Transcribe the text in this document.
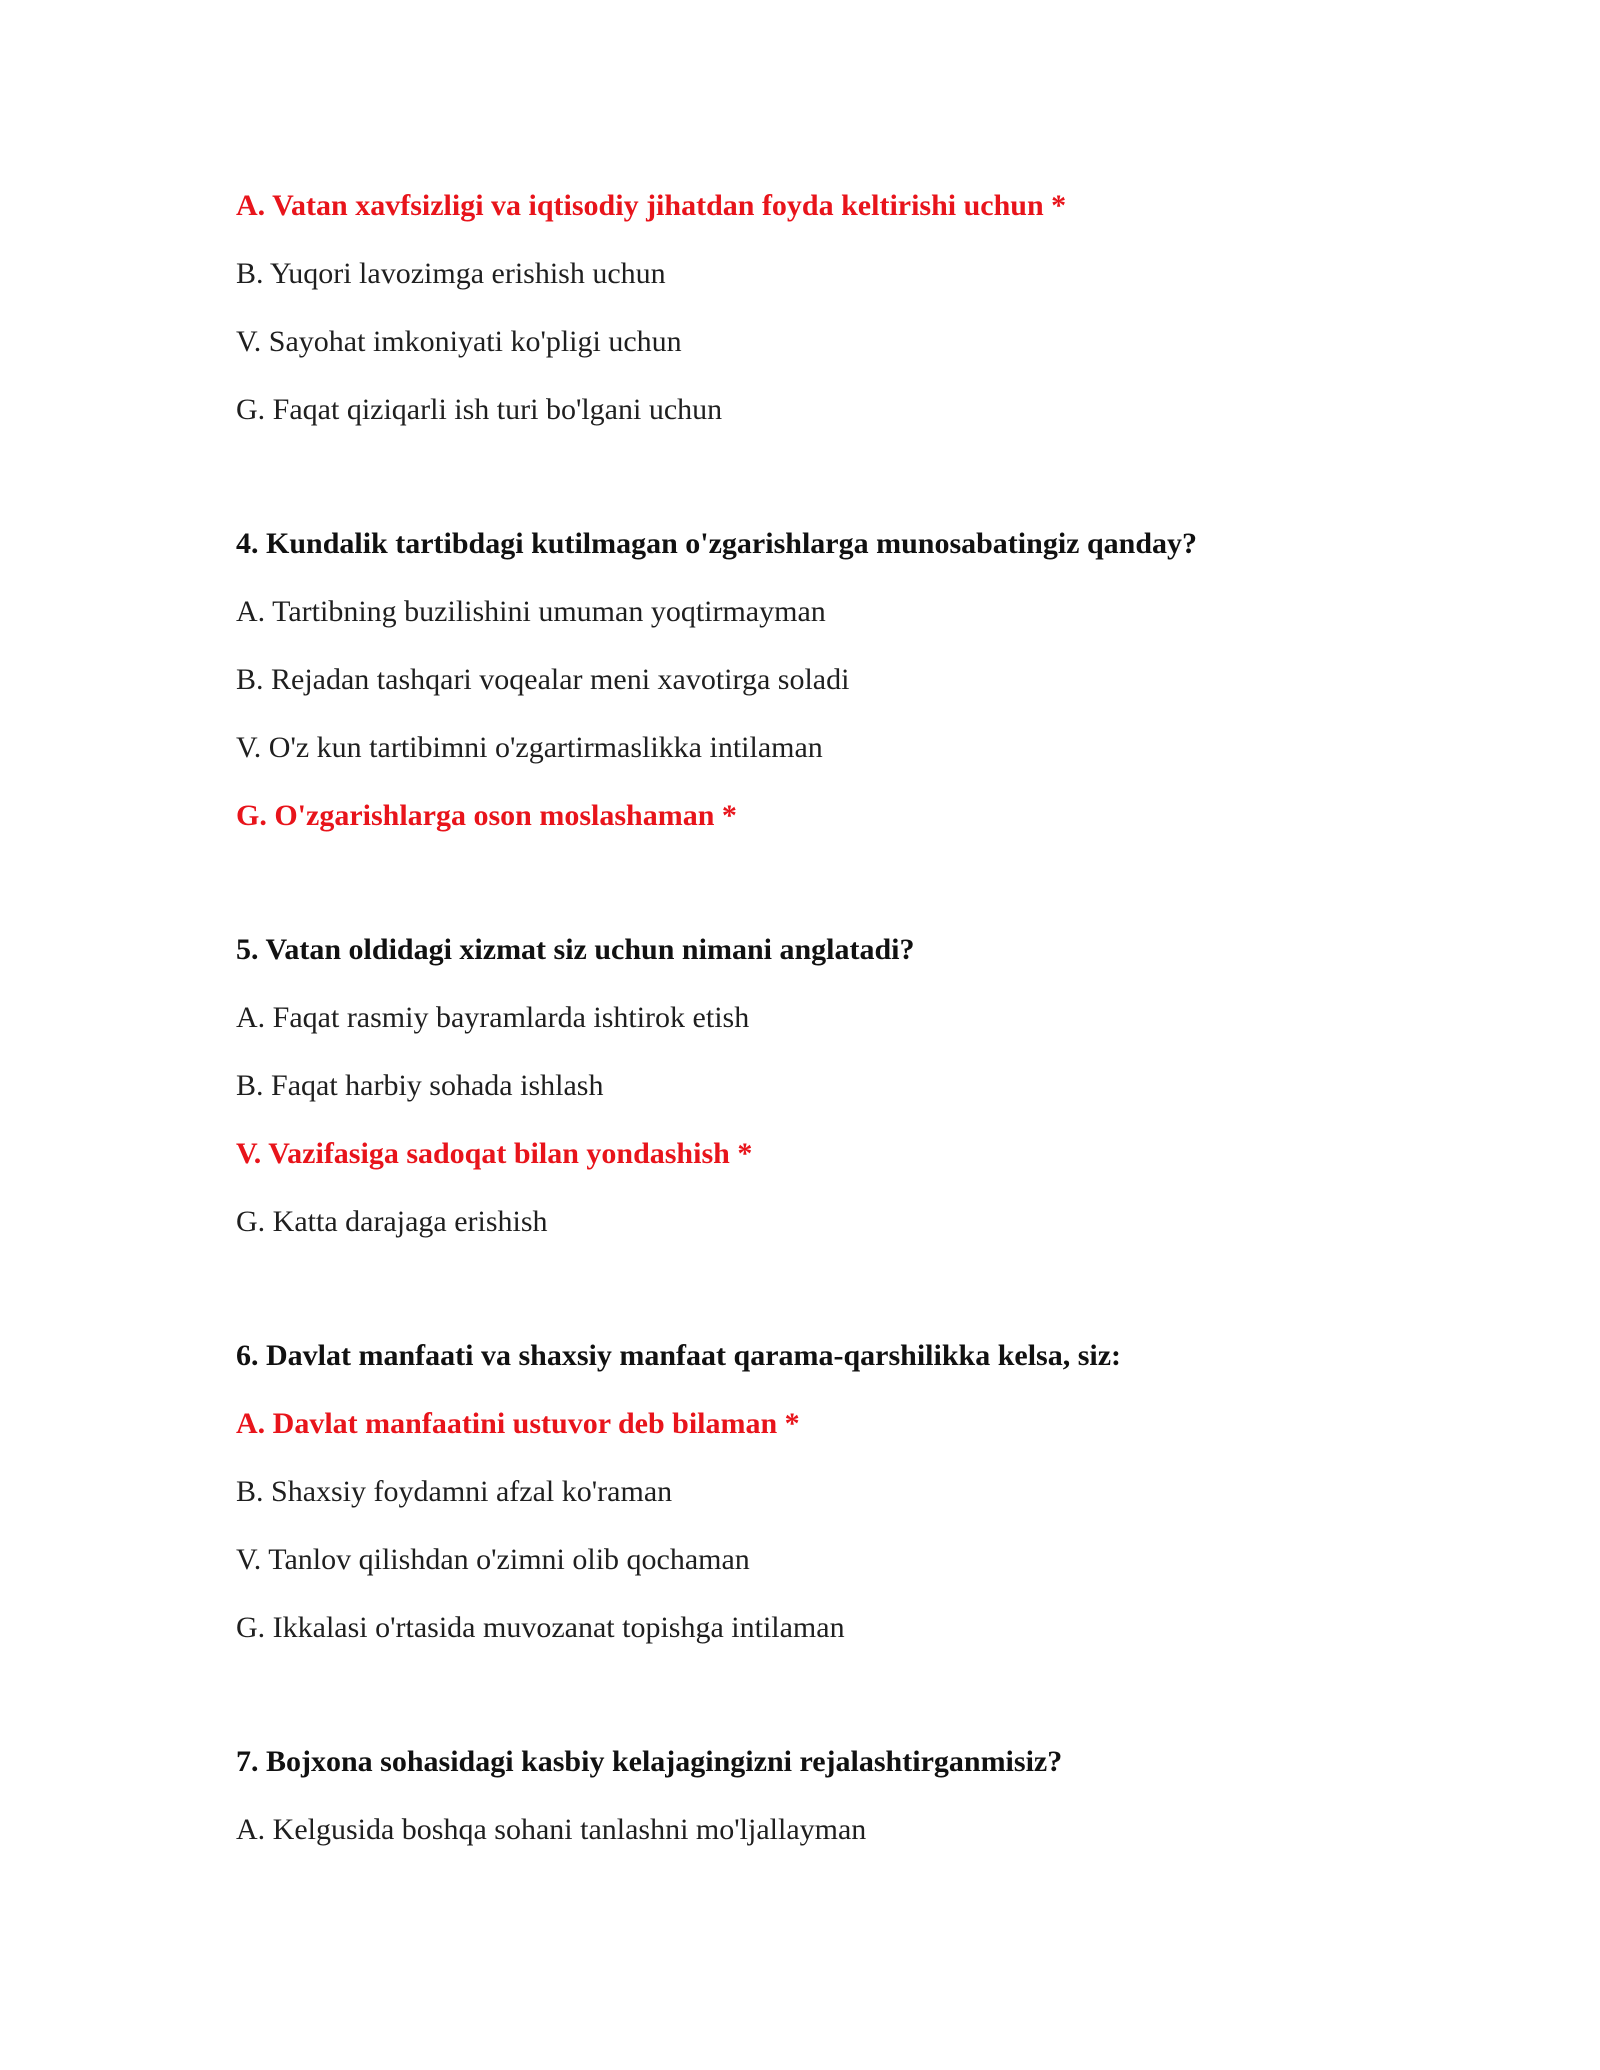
A. Vatan xavfsizligi va iqtisodiy jihatdan foyda keltirishi uchun *
B. Yuqori lavozimga erishish uchun
V. Sayohat imkoniyati ko'pligi uchun
G. Faqat qiziqarli ish turi bo'lgani uchun
4. Kundalik tartibdagi kutilmagan o'zgarishlarga munosabatingiz qanday?
A. Tartibning buzilishini umuman yoqtirmayman
B. Rejadan tashqari voqealar meni xavotirga soladi
V. O'z kun tartibimni o'zgartirmaslikka intilaman
G. O'zgarishlarga oson moslashaman *
5. Vatan oldidagi xizmat siz uchun nimani anglatadi?
A. Faqat rasmiy bayramlarda ishtirok etish
B. Faqat harbiy sohada ishlash
V. Vazifasiga sadoqat bilan yondashish *
G. Katta darajaga erishish
6. Davlat manfaati va shaxsiy manfaat qarama-qarshilikka kelsa, siz:
A. Davlat manfaatini ustuvor deb bilaman *
B. Shaxsiy foydamni afzal ko'raman
V. Tanlov qilishdan o'zimni olib qochaman
G. Ikkalasi o'rtasida muvozanat topishga intilaman
7. Bojxona sohasidagi kasbiy kelajagingizni rejalashtirganmisiz?
A. Kelgusida boshqa sohani tanlashni mo'ljallayman
